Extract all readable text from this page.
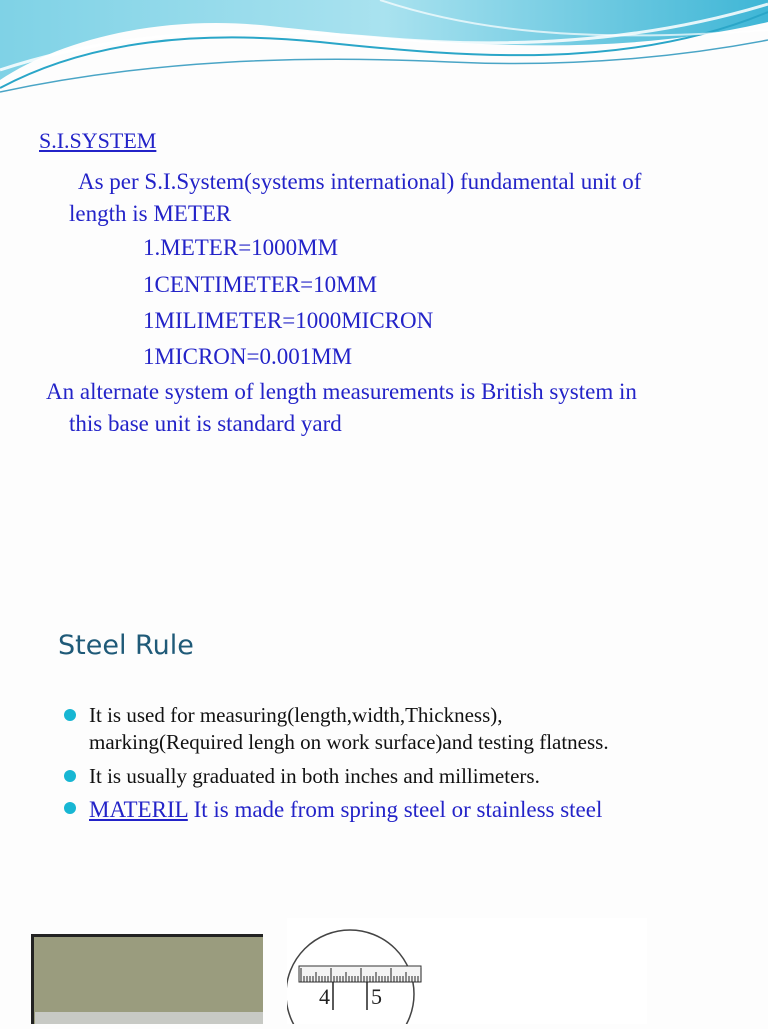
S.I.SYSTEM
As per S.I.System(systems international) fundamental unit of
length is METER
1.METER=1000MM
1CENTIMETER=10MM
1MILIMETER=1000MICRON
1MICRON=0.001MM
An alternate system of length measurements is British system in
this base unit is standard yard
Steel Rule
It is used for measuring(length,width,Thickness), marking(Required lengh on work surface)and testing flatness.
It is usually graduated in both inches and millimeters.
MATERIL It is made from spring steel or stainless steel
4 5
